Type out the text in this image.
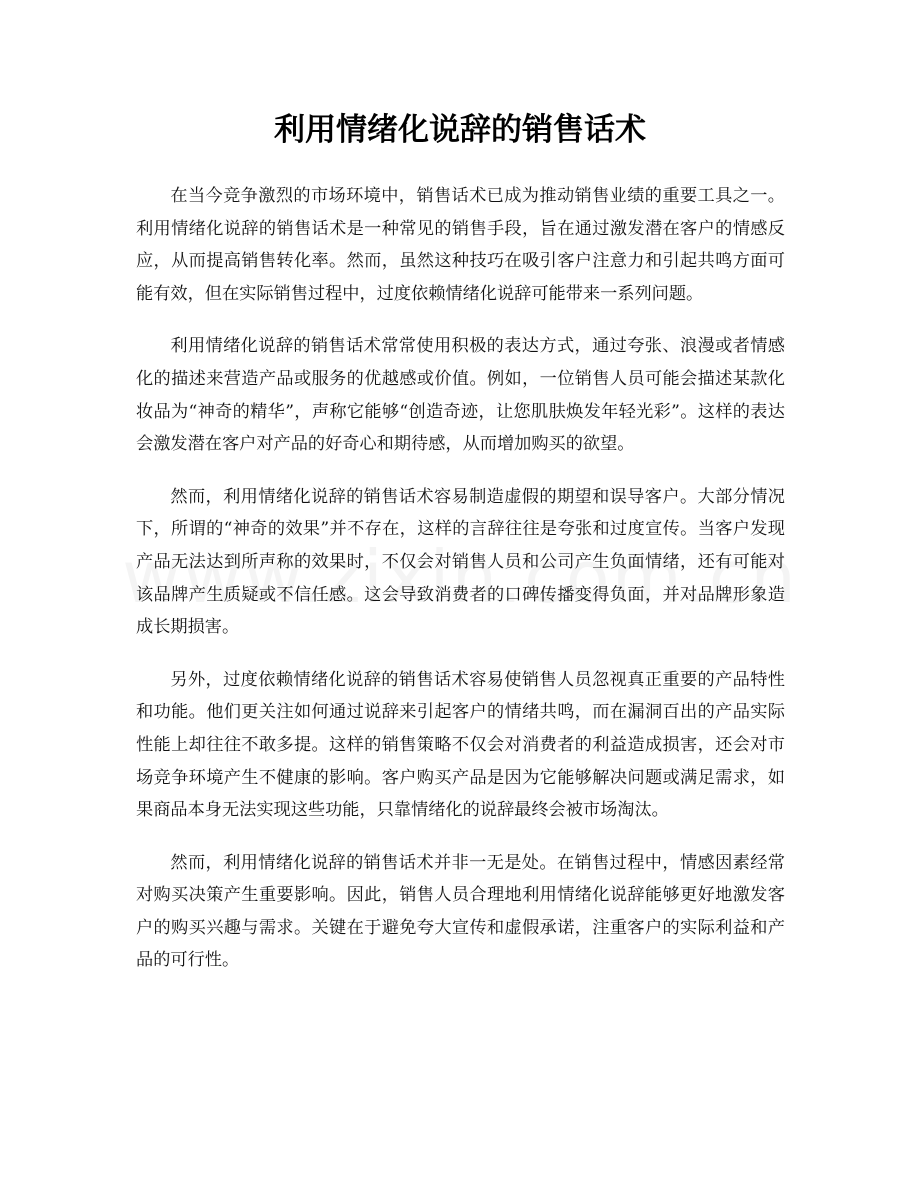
利用情绪化说辞的销售话术

在当今竞争激烈的市场环境中，销售话术已成为推动销售业绩的重要工具之一。利用情绪化说辞的销售话术是一种常见的销售手段，旨在通过激发潜在客户的情感反应，从而提高销售转化率。然而，虽然这种技巧在吸引客户注意力和引起共鸣方面可能有效，但在实际销售过程中，过度依赖情绪化说辞可能带来一系列问题。

利用情绪化说辞的销售话术常常使用积极的表达方式，通过夸张、浪漫或者情感化的描述来营造产品或服务的优越感或价值。例如，一位销售人员可能会描述某款化妆品为“神奇的精华”，声称它能够“创造奇迹，让您肌肤焕发年轻光彩”。这样的表达会激发潜在客户对产品的好奇心和期待感，从而增加购买的欲望。

然而，利用情绪化说辞的销售话术容易制造虚假的期望和误导客户。大部分情况下，所谓的“神奇的效果”并不存在，这样的言辞往往是夸张和过度宣传。当客户发现产品无法达到所声称的效果时，不仅会对销售人员和公司产生负面情绪，还有可能对该品牌产生质疑或不信任感。这会导致消费者的口碑传播变得负面，并对品牌形象造成长期损害。

另外，过度依赖情绪化说辞的销售话术容易使销售人员忽视真正重要的产品特性和功能。他们更关注如何通过说辞来引起客户的情绪共鸣，而在漏洞百出的产品实际性能上却往往不敢多提。这样的销售策略不仅会对消费者的利益造成损害，还会对市场竞争环境产生不健康的影响。客户购买产品是因为它能够解决问题或满足需求，如果商品本身无法实现这些功能，只靠情绪化的说辞最终会被市场淘汰。

然而，利用情绪化说辞的销售话术并非一无是处。在销售过程中，情感因素经常对购买决策产生重要影响。因此，销售人员合理地利用情绪化说辞能够更好地激发客户的购买兴趣与需求。关键在于避免夸大宣传和虚假承诺，注重客户的实际利益和产品的可行性。
